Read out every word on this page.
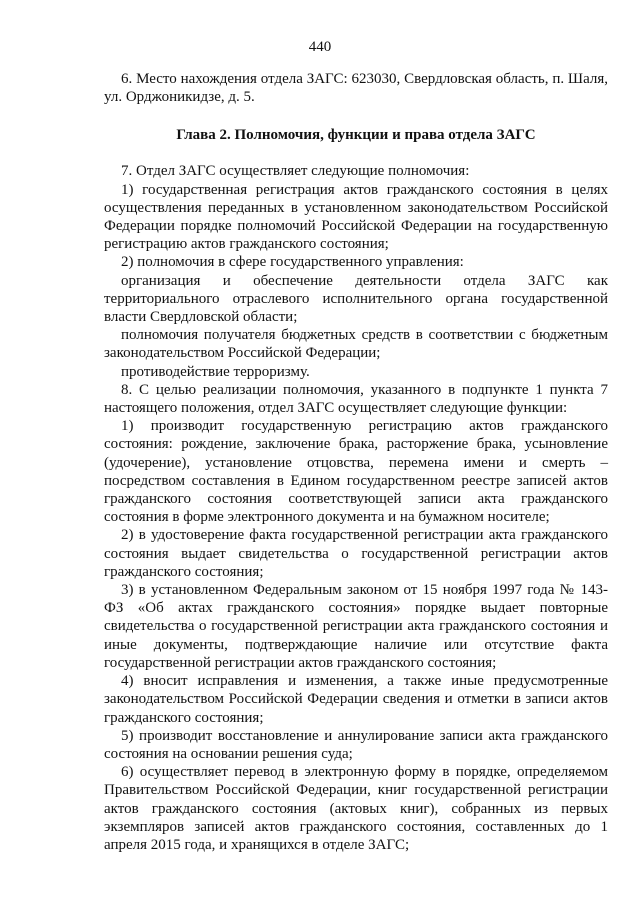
440

6. Место нахождения отдела ЗАГС: 623030, Свердловская область, п. Шаля, ул. Орджоникидзе, д. 5.

Глава 2. Полномочия, функции и права отдела ЗАГС

7. Отдел ЗАГС осуществляет следующие полномочия:

1) государственная регистрация актов гражданского состояния в целях осуществления переданных в установленном законодательством Российской Федерации порядке полномочий Российской Федерации на государственную регистрацию актов гражданского состояния;

2) полномочия в сфере государственного управления:

организация и обеспечение деятельности отдела ЗАГС как территориального отраслевого исполнительного органа государственной власти Свердловской области;

полномочия получателя бюджетных средств в соответствии с бюджетным законодательством Российской Федерации;

противодействие терроризму.

8. С целью реализации полномочия, указанного в подпункте 1 пункта 7 настоящего положения, отдел ЗАГС осуществляет следующие функции:

1) производит государственную регистрацию актов гражданского состояния: рождение, заключение брака, расторжение брака, усыновление (удочерение), установление отцовства, перемена имени и смерть – посредством составления в Едином государственном реестре записей актов гражданского состояния соответствующей записи акта гражданского состояния в форме электронного документа и на бумажном носителе;

2) в удостоверение факта государственной регистрации акта гражданского состояния выдает свидетельства о государственной регистрации актов гражданского состояния;

3) в установленном Федеральным законом от 15 ноября 1997 года № 143-ФЗ «Об актах гражданского состояния» порядке выдает повторные свидетельства о государственной регистрации акта гражданского состояния и иные документы, подтверждающие наличие или отсутствие факта государственной регистрации актов гражданского состояния;

4) вносит исправления и изменения, а также иные предусмотренные законодательством Российской Федерации сведения и отметки в записи актов гражданского состояния;

5) производит восстановление и аннулирование записи акта гражданского состояния на основании решения суда;

6) осуществляет перевод в электронную форму в порядке, определяемом Правительством Российской Федерации, книг государственной регистрации актов гражданского состояния (актовых книг), собранных из первых экземпляров записей актов гражданского состояния, составленных до 1 апреля 2015 года, и хранящихся в отделе ЗАГС;
